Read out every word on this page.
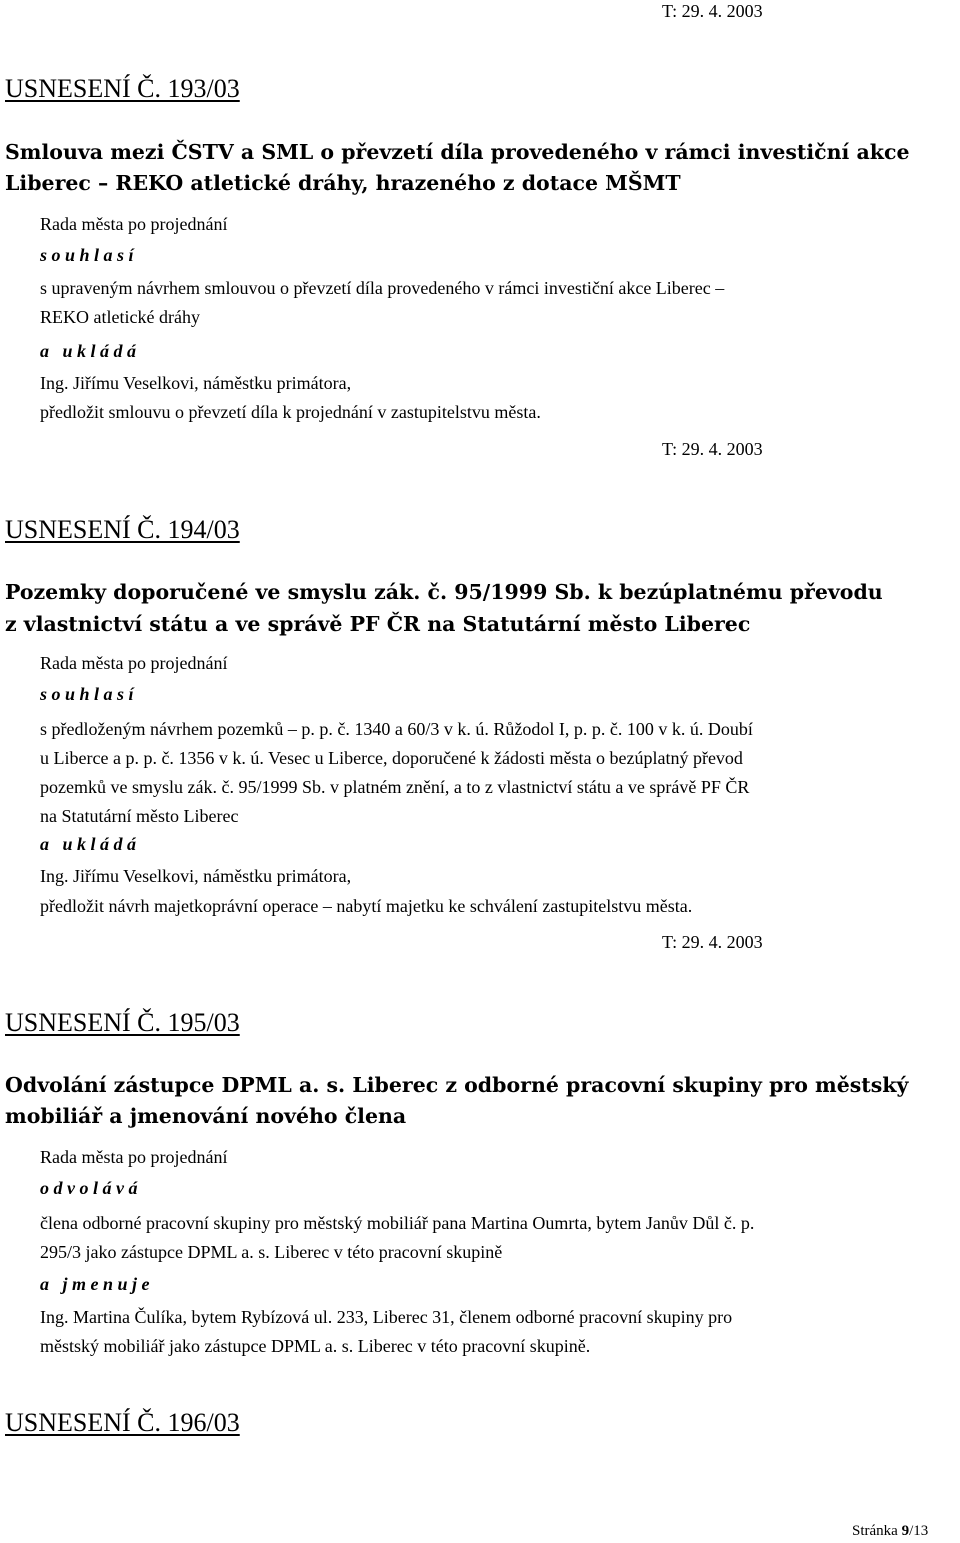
T: 29. 4. 2003
USNESENÍ Č. 193/03
Smlouva mezi ČSTV a SML o převzetí díla provedeného v rámci investiční akce
Liberec – REKO atletické dráhy, hrazeného z dotace MŠMT
Rada města po projednání
souhlasí
s upraveným návrhem smlouvou o převzetí díla provedeného v rámci investiční akce Liberec –
REKO atletické dráhy
a ukládá
Ing. Jiřímu Veselkovi, náměstku primátora,
předložit smlouvu o převzetí díla k projednání v zastupitelstvu města.
T: 29. 4. 2003
USNESENÍ Č. 194/03
Pozemky doporučené ve smyslu zák. č. 95/1999 Sb. k bezúplatnému převodu
z vlastnictví státu a ve správě PF ČR na Statutární město Liberec
Rada města po projednání
souhlasí
s předloženým návrhem pozemků – p. p. č. 1340 a 60/3 v k. ú. Růžodol I, p. p. č. 100 v k. ú. Doubí
u Liberce a p. p. č. 1356 v k. ú. Vesec u Liberce, doporučené k žádosti města o bezúplatný převod
pozemků ve smyslu zák. č. 95/1999 Sb. v platném znění, a to z vlastnictví státu a ve správě PF ČR
na Statutární město Liberec
a ukládá
Ing. Jiřímu Veselkovi, náměstku primátora,
předložit návrh majetkoprávní operace – nabytí majetku ke schválení zastupitelstvu města.
T: 29. 4. 2003
USNESENÍ Č. 195/03
Odvolání zástupce DPML a. s. Liberec z odborné pracovní skupiny pro městský
mobiliář a jmenování nového člena
Rada města po projednání
odvolává
člena odborné pracovní skupiny pro městský mobiliář pana Martina Oumrta, bytem Janův Důl č. p.
295/3 jako zástupce DPML a. s. Liberec v této pracovní skupině
a jmenuje
Ing. Martina Čulíka, bytem Rybízová ul. 233, Liberec 31, členem odborné pracovní skupiny pro
městský mobiliář jako zástupce DPML a. s. Liberec v této pracovní skupině.
USNESENÍ Č. 196/03
Stránka 9/13
